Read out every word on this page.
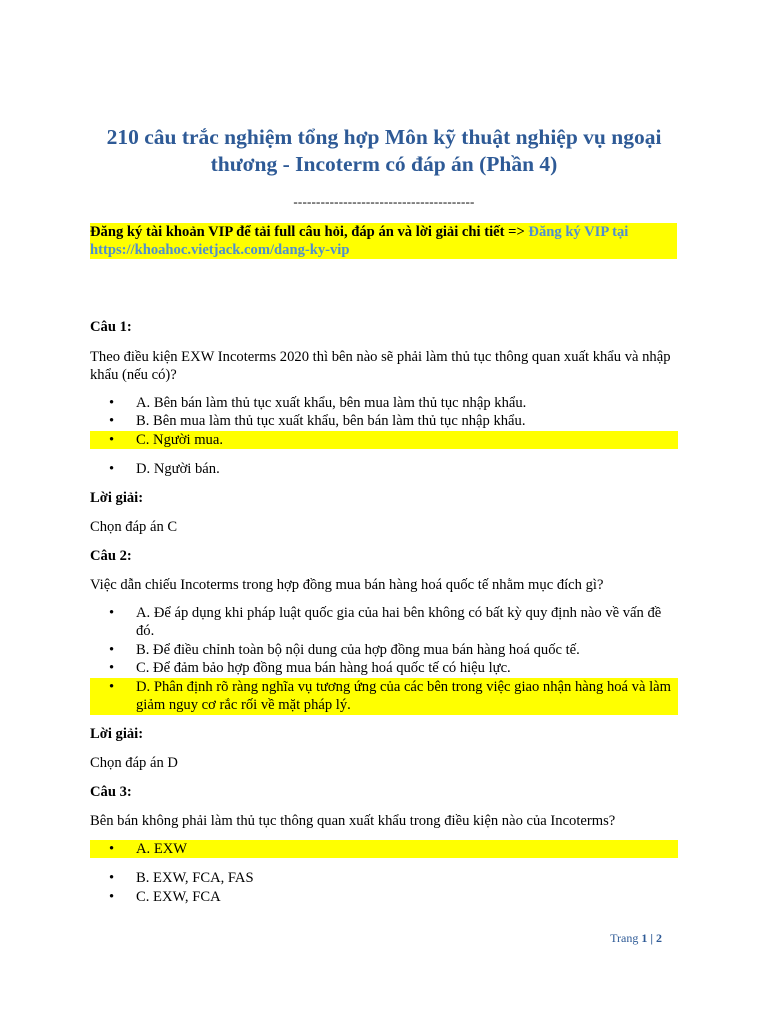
210 câu trắc nghiệm tổng hợp Môn kỹ thuật nghiệp vụ ngoại
thương - Incoterm có đáp án (Phần 4)
----------------------------------------
Đăng ký tài khoản VIP để tải full câu hỏi, đáp án và lời giải chi tiết => Đăng ký VIP tại
https://khoahoc.vietjack.com/dang-ky-vip

Câu 1:

Theo điều kiện EXW Incoterms 2020 thì bên nào sẽ phải làm thủ tục thông quan xuất khẩu và nhập khẩu (nếu có)?

• A. Bên bán làm thủ tục xuất khẩu, bên mua làm thủ tục nhập khẩu.
• B. Bên mua làm thủ tục xuất khẩu, bên bán làm thủ tục nhập khẩu.
• C. Người mua.
• D. Người bán.

Lời giải:

Chọn đáp án C

Câu 2:

Việc dẫn chiếu Incoterms trong hợp đồng mua bán hàng hoá quốc tế nhằm mục đích gì?

• A. Để áp dụng khi pháp luật quốc gia của hai bên không có bất kỳ quy định nào về vấn đề đó.
• B. Để điều chỉnh toàn bộ nội dung của hợp đồng mua bán hàng hoá quốc tế.
• C. Để đảm bảo hợp đồng mua bán hàng hoá quốc tế có hiệu lực.
• D. Phân định rõ ràng nghĩa vụ tương ứng của các bên trong việc giao nhận hàng hoá và làm giảm nguy cơ rắc rối về mặt pháp lý.

Lời giải:

Chọn đáp án D

Câu 3:

Bên bán không phải làm thủ tục thông quan xuất khẩu trong điều kiện nào của Incoterms?

• A. EXW
• B. EXW, FCA, FAS
• C. EXW, FCA
Trang 1 | 2
